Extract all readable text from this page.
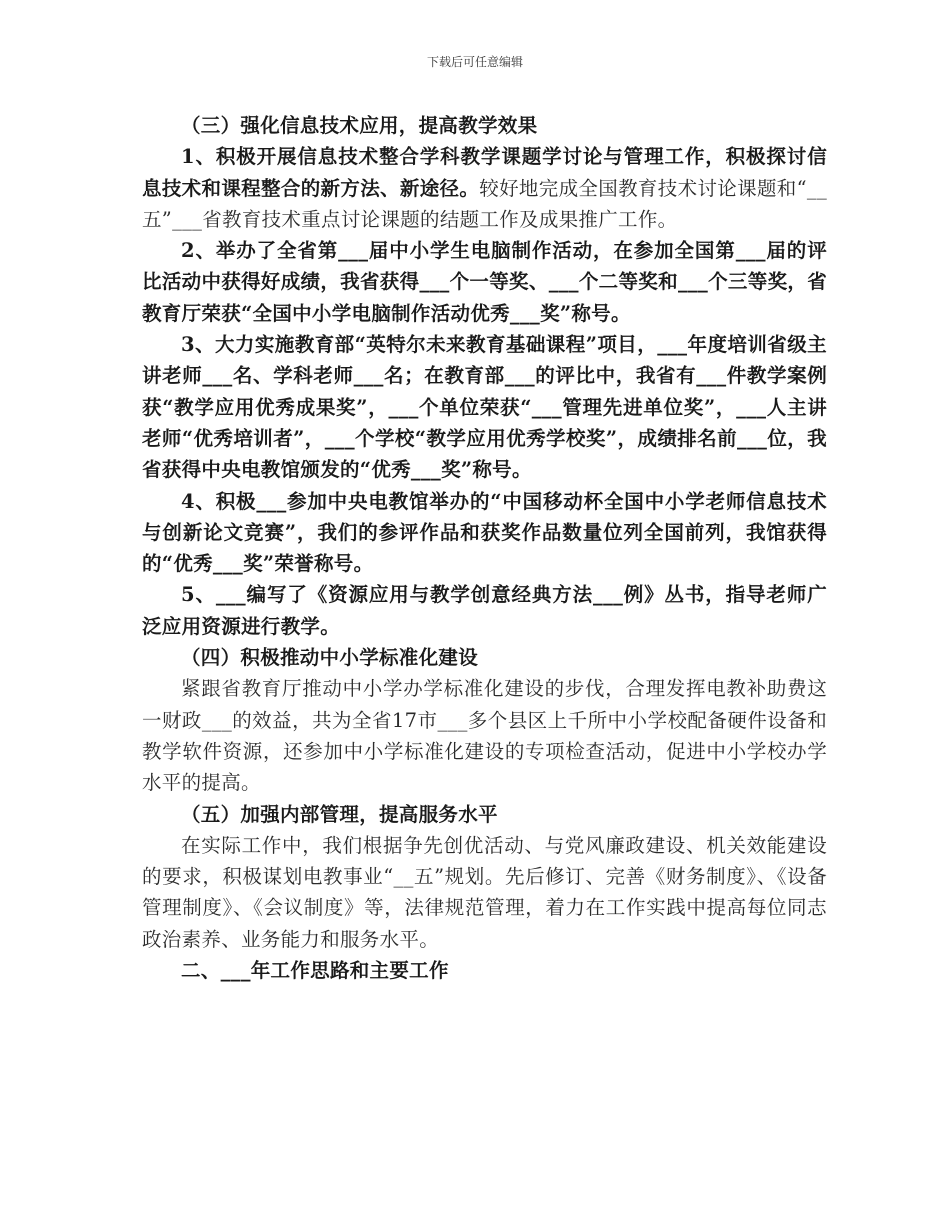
下载后可任意编辑

（三）强化信息技术应用，提高教学效果

1、积极开展信息技术整合学科教学课题学讨论与管理工作，积极探讨信息技术和课程整合的新方法、新途径。较好地完成全国教育技术讨论课题和“__五”___省教育技术重点讨论课题的结题工作及成果推广工作。

2、举办了全省第___届中小学生电脑制作活动，在参加全国第___届的评比活动中获得好成绩，我省获得___个一等奖、___个二等奖和___个三等奖，省教育厅荣获“全国中小学电脑制作活动优秀___奖”称号。

3、大力实施教育部“英特尔未来教育基础课程”项目，___年度培训省级主讲老师___名、学科老师___名；在教育部___的评比中，我省有___件教学案例获“教学应用优秀成果奖”，___个单位荣获“___管理先进单位奖”，___人主讲老师“优秀培训者”，___个学校“教学应用优秀学校奖”，成绩排名前___位，我省获得中央电教馆颁发的“优秀___奖”称号。

4、积极___参加中央电教馆举办的“中国移动杯全国中小学老师信息技术与创新论文竞赛”，我们的参评作品和获奖作品数量位列全国前列，我馆获得的“优秀___奖”荣誉称号。

5、___编写了《资源应用与教学创意经典方法___例》丛书，指导老师广泛应用资源进行教学。

（四）积极推动中小学标准化建设

紧跟省教育厅推动中小学办学标准化建设的步伐，合理发挥电教补助费这一财政___的效益，共为全省17市___多个县区上千所中小学校配备硬件设备和教学软件资源，还参加中小学标准化建设的专项检查活动，促进中小学校办学水平的提高。

（五）加强内部管理，提高服务水平

在实际工作中，我们根据争先创优活动、与党风廉政建设、机关效能建设的要求，积极谋划电教事业“__五”规划。先后修订、完善《财务制度》、《设备管理制度》、《会议制度》等，法律规范管理，着力在工作实践中提高每位同志政治素养、业务能力和服务水平。

二、___年工作思路和主要工作
